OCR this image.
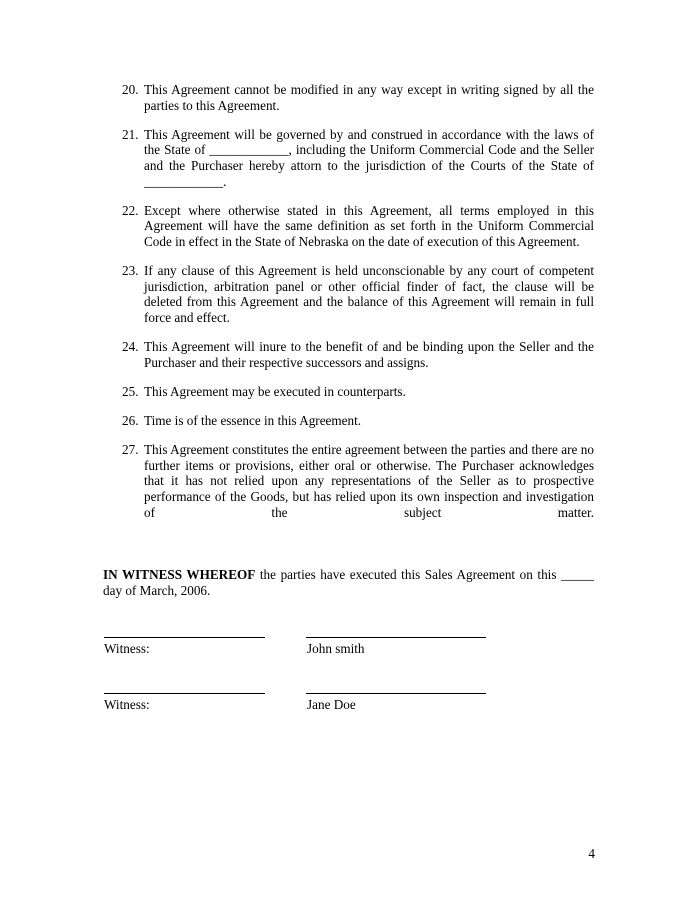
20. This Agreement cannot be modified in any way except in writing signed by all the parties to this Agreement.
21. This Agreement will be governed by and construed in accordance with the laws of the State of ____________, including the Uniform Commercial Code and the Seller and the Purchaser hereby attorn to the jurisdiction of the Courts of the State of ____________.
22. Except where otherwise stated in this Agreement, all terms employed in this Agreement will have the same definition as set forth in the Uniform Commercial Code in effect in the State of Nebraska on the date of execution of this Agreement.
23. If any clause of this Agreement is held unconscionable by any court of competent jurisdiction, arbitration panel or other official finder of fact, the clause will be deleted from this Agreement and the balance of this Agreement will remain in full force and effect.
24. This Agreement will inure to the benefit of and be binding upon the Seller and the Purchaser and their respective successors and assigns.
25. This Agreement may be executed in counterparts.
26. Time is of the essence in this Agreement.
27. This Agreement constitutes the entire agreement between the parties and there are no further items or provisions, either oral or otherwise. The Purchaser acknowledges that it has not relied upon any representations of the Seller as to prospective performance of the Goods, but has relied upon its own inspection and investigation of the subject matter.
IN WITNESS WHEREOF the parties have executed this Sales Agreement on this _____ day of March, 2006.
Witness:	John smith
Witness:	Jane Doe
4
